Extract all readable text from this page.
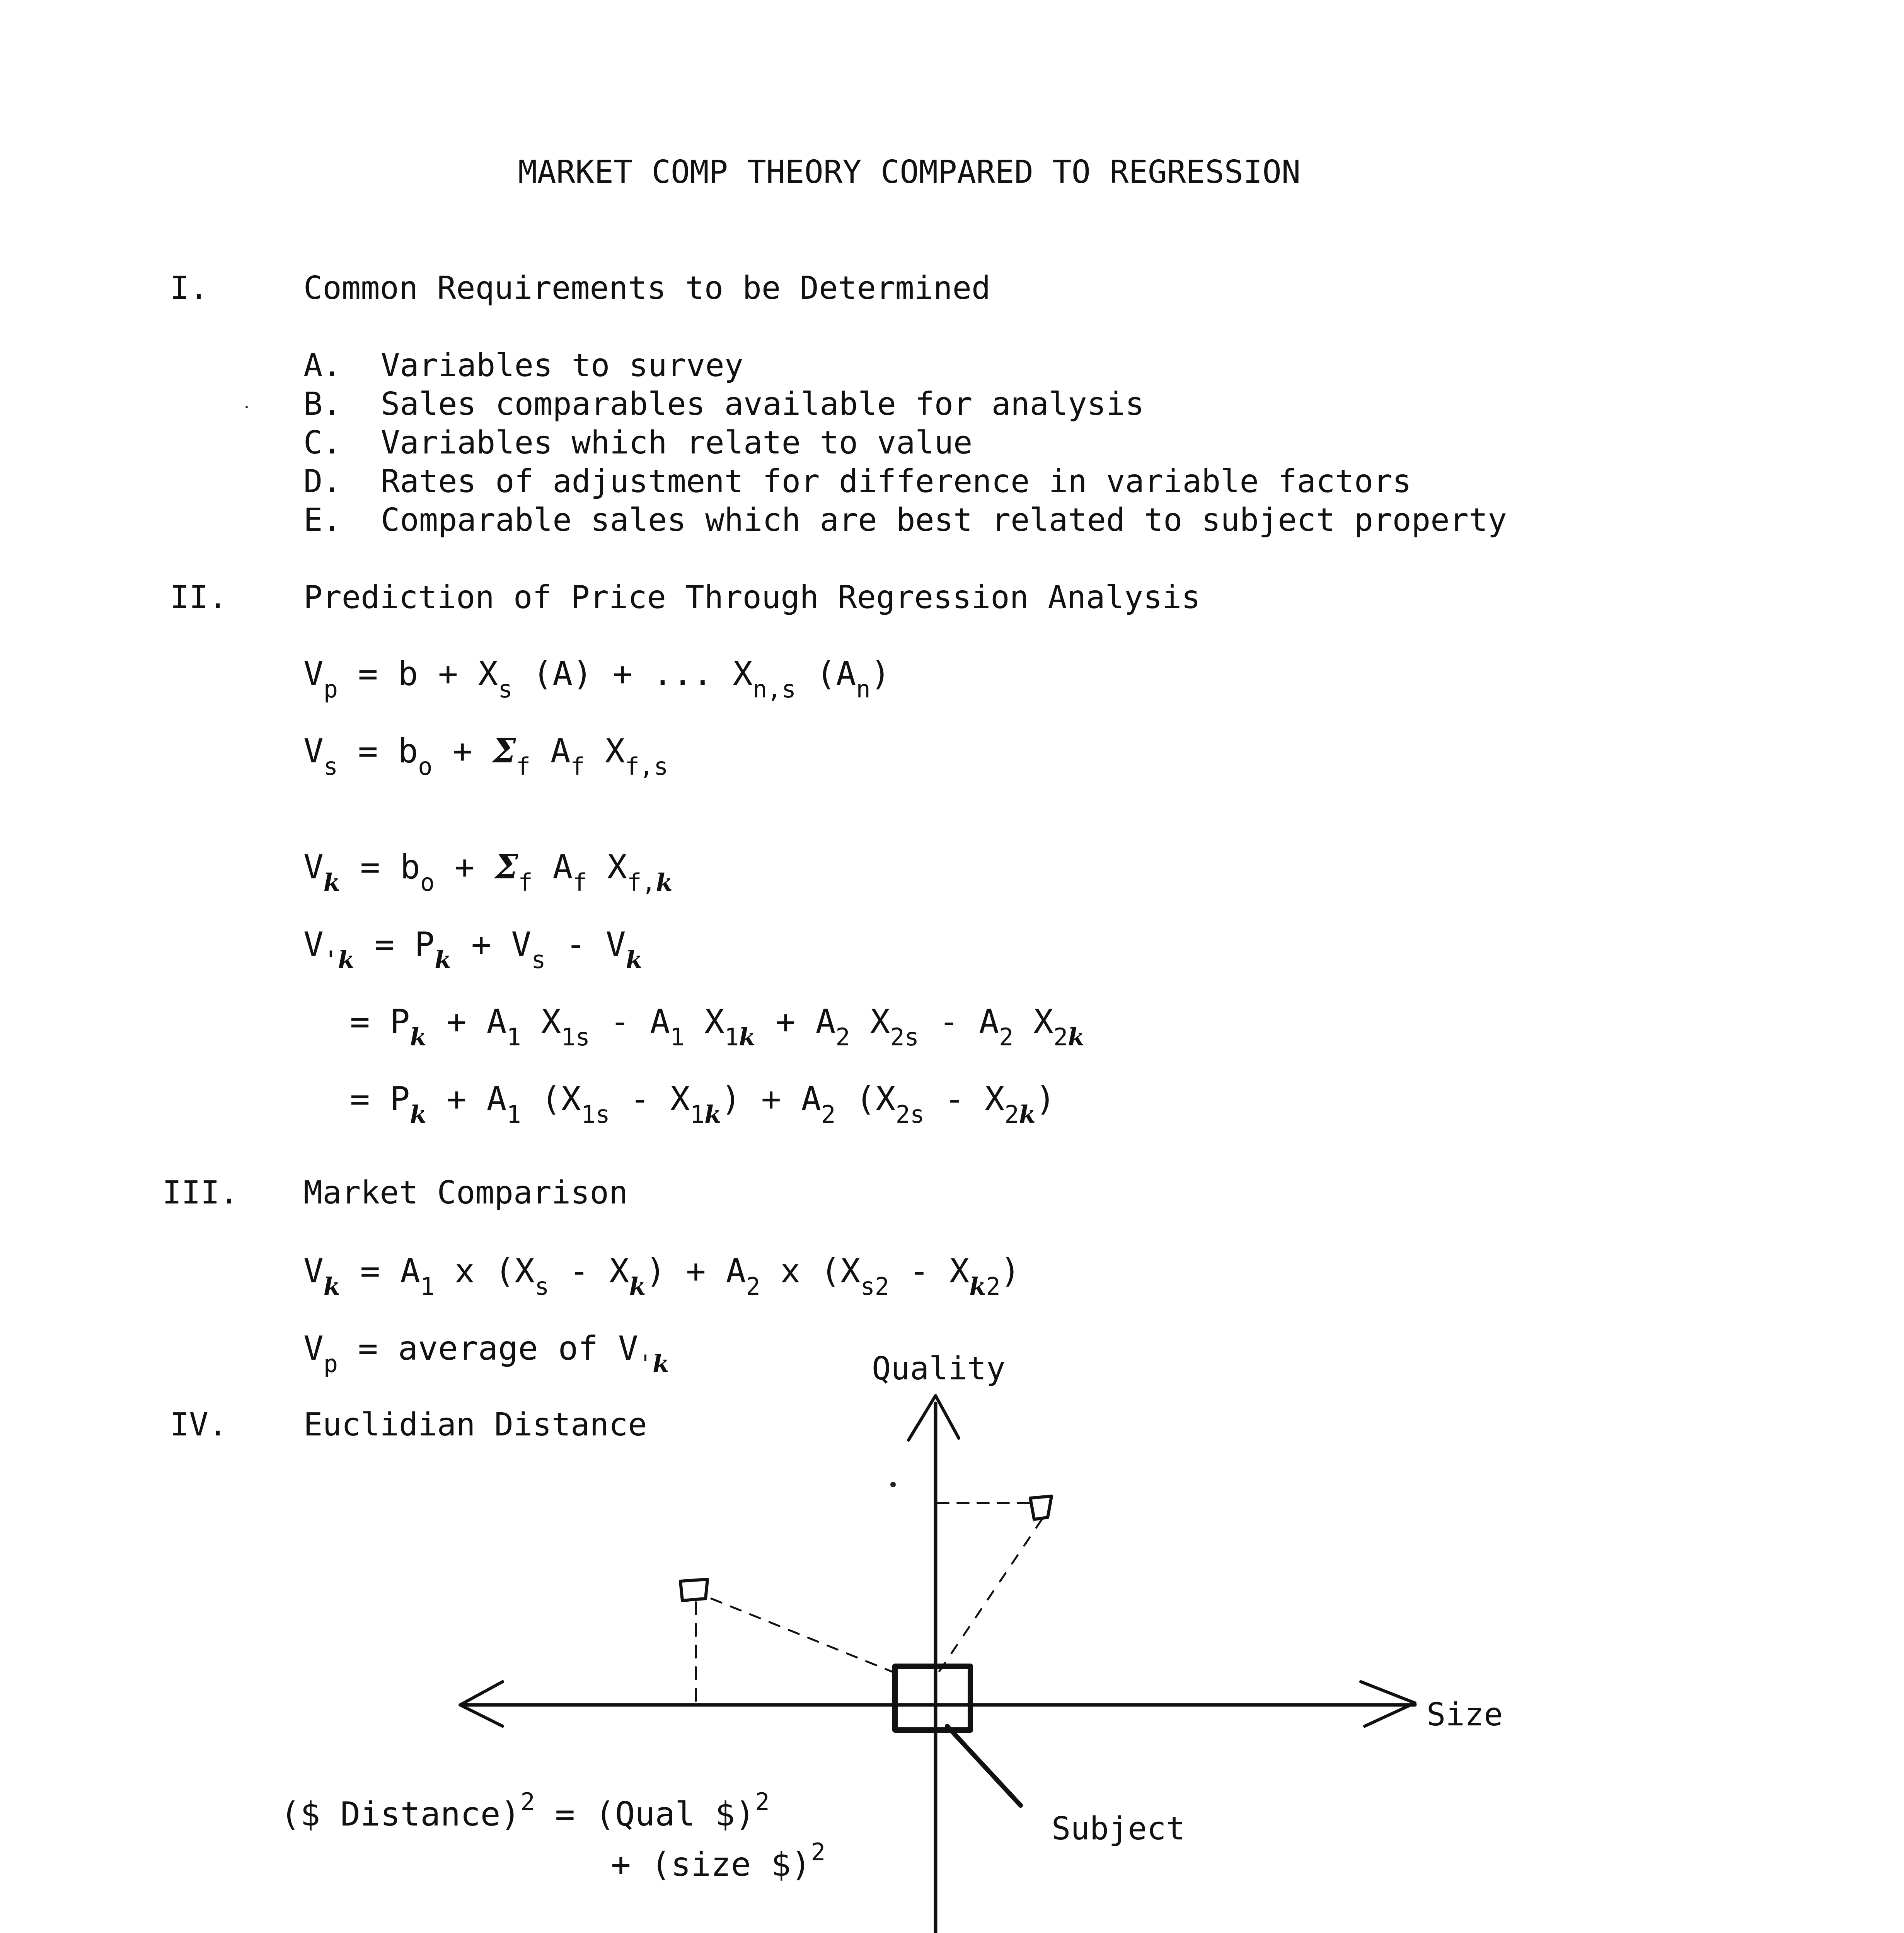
MARKET COMP THEORY COMPARED TO REGRESSION
I.	Common Requirements to be Determined
A. Variables to survey
B. Sales comparables available for analysis
C. Variables which relate to value
D. Rates of adjustment for difference in variable factors
E. Comparable sales which are best related to subject property
II. Prediction of Price Through Regression Analysis
$V_p = b + X_s$ (A) + ... $X_{n,s}$ $(A_n)$
$V_s = b_o + \Sigma_f$ $A_f$ $X_{f,s}$
$V_k = b_o + \Sigma_f$ $A_f$ $X_{f,k}$
$V_{'k} = P_k + V_s - V_k$
= $P_k + A_1$ $X_{1s} - A_1$ $X_{1k} + A_2$ $X_{2s} - A_2$ $X_{2k}$
= $P_k + A_1$ $(X_{1s} - X_{1k}) + A_2$ $(X_{2s} - X_{2k})$
III. Market Comparison
$V_k = A_1$ x $(X_s - X_k) + A_2$ x $(X_{s2} - X_{k2})$
$V_p$ = average of $V_{'k}$
IV. Euclidian Distance
Quality
Size
Subject
($ Distance)$^2$ = (Qual $)$^2$
+ (size $)$^2$
